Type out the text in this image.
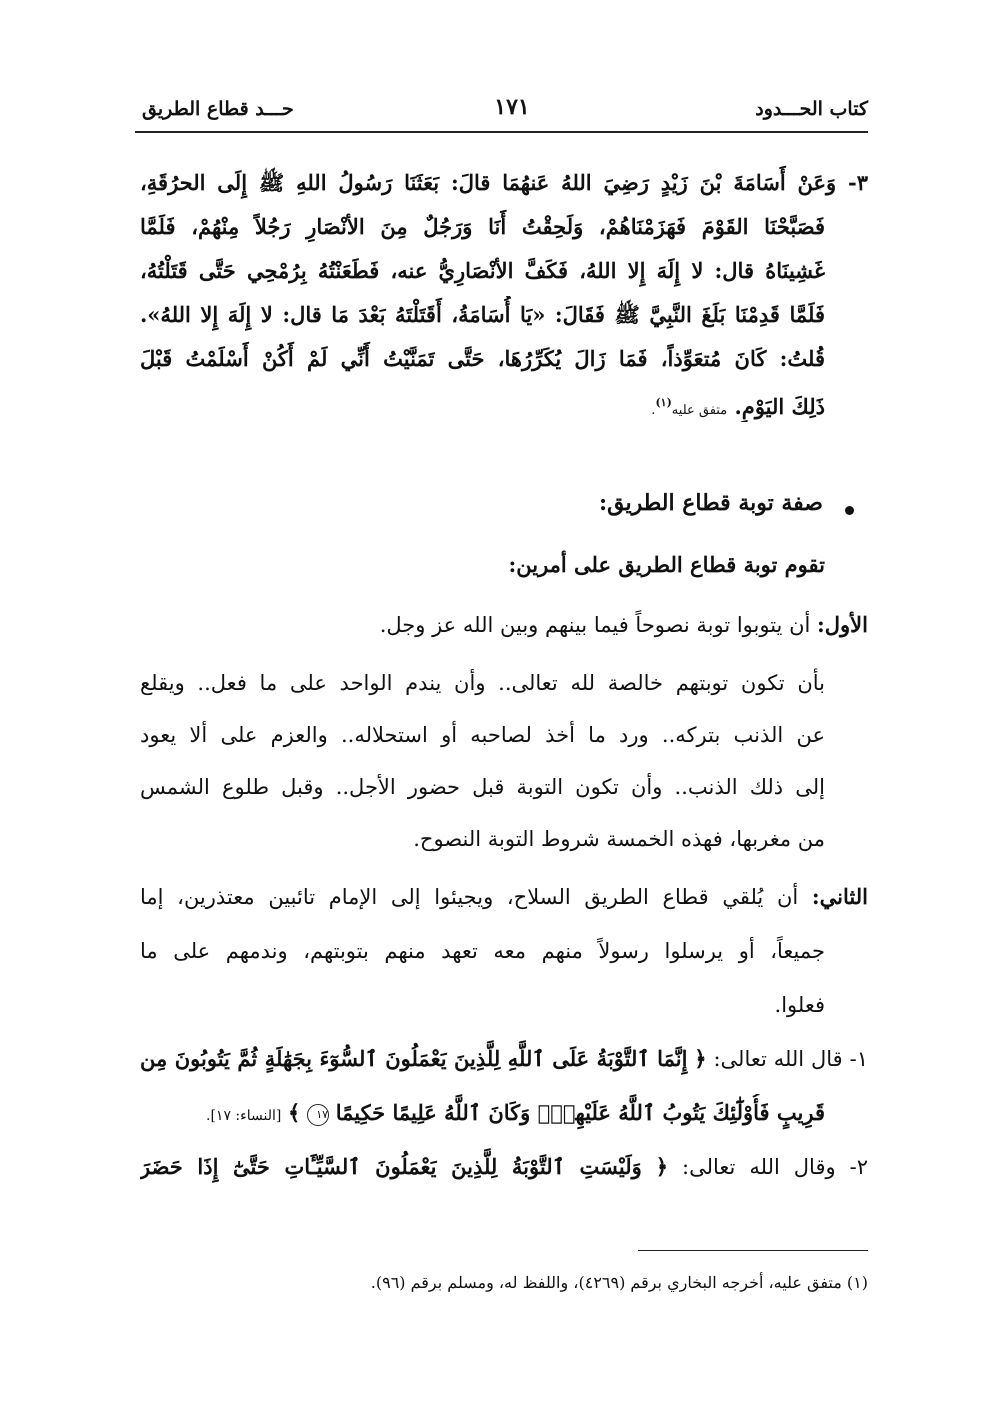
كتاب الحـــدود
١٧١
حـــد قطاع الطريق
٣- وَعَنْ أَسَامَةَ بْنَ زَيْدٍ رَضِيَ اللهُ عَنهُمَا قالَ: بَعَثَنَا رَسُولُ اللهِ ﷺ إِلَى الحرُقَةِ،
فَصَبَّحْنَا القَوْمَ فَهَزَمْنَاهُمْ، وَلَحِقْتُ أَنَا وَرَجُلٌ مِنَ الأنْصَارِ رَجُلاً مِنْهُمْ، فَلَمَّا
غَشِينَاهُ قال: لا إِلَهَ إِلا اللهُ، فَكَفَّ الأنْصَارِيُّ عنه، فَطَعَنْتُهُ بِرُمْحِي حَتَّى قَتَلْتُهُ،
فَلَمَّا قَدِمْنَا بَلَغَ النَّبِيَّ ﷺ فَقَالَ: «يَا أُسَامَةُ، أَقَتَلْتَهُ بَعْدَ مَا قال: لا إِلَهَ إِلا اللهُ».
قُلتُ: كَانَ مُتعَوِّذاً، فَمَا زَالَ يُكَرِّرُهَا، حَتَّى تَمَنَّيْتُ أَنِّي لَمْ أَكُنْ أَسْلَمْتُ قَبْلَ
ذَلِكَ اليَوْمِ. متفق عليه$^{(١)}$.
صفة توبة قطاع الطريق:
تقوم توبة قطاع الطريق على أمرين:
الأول: أن يتوبوا توبة نصوحاً فيما بينهم وبين الله عز وجل.
بأن تكون توبتهم خالصة لله تعالى.. وأن يندم الواحد على ما فعل.. ويقلع
عن الذنب بتركه.. ورد ما أخذ لصاحبه أو استحلاله.. والعزم على ألا يعود
إلى ذلك الذنب.. وأن تكون التوبة قبل حضور الأجل.. وقبل طلوع الشمس
من مغربها، فهذه الخمسة شروط التوبة النصوح.
الثاني: أن يُلقي قطاع الطريق السلاح، ويجيئوا إلى الإمام تائبين معتذرين، إما
جميعاً، أو يرسلوا رسولاً منهم معه تعهد منهم بتوبتهم، وندمهم على ما
فعلوا.
١- قال الله تعالى: ﴿ إِنَّمَا ٱلتَّوْبَةُ عَلَى ٱللَّهِ لِلَّذِينَ يَعْمَلُونَ ٱلسُّوٓءَ بِجَهَٰلَةٍ ثُمَّ يَتُوبُونَ مِن
قَرِيبٍ فَأُوْلَٰٓئِكَ يَتُوبُ ٱللَّهُ عَلَيْهِمْۗ وَكَانَ ٱللَّهُ عَلِيمًا حَكِيمًا ١٧ ﴾ [النساء: ١٧].
٢- وقال الله تعالى: ﴿ وَلَيْسَتِ ٱلتَّوْبَةُ لِلَّذِينَ يَعْمَلُونَ ٱلسَّيِّـَٔاتِ حَتَّىٰٓ إِذَا حَضَرَ
(١) متفق عليه، أخرجه البخاري برقم (٤٢٦٩)، واللفظ له، ومسلم برقم (٩٦).
